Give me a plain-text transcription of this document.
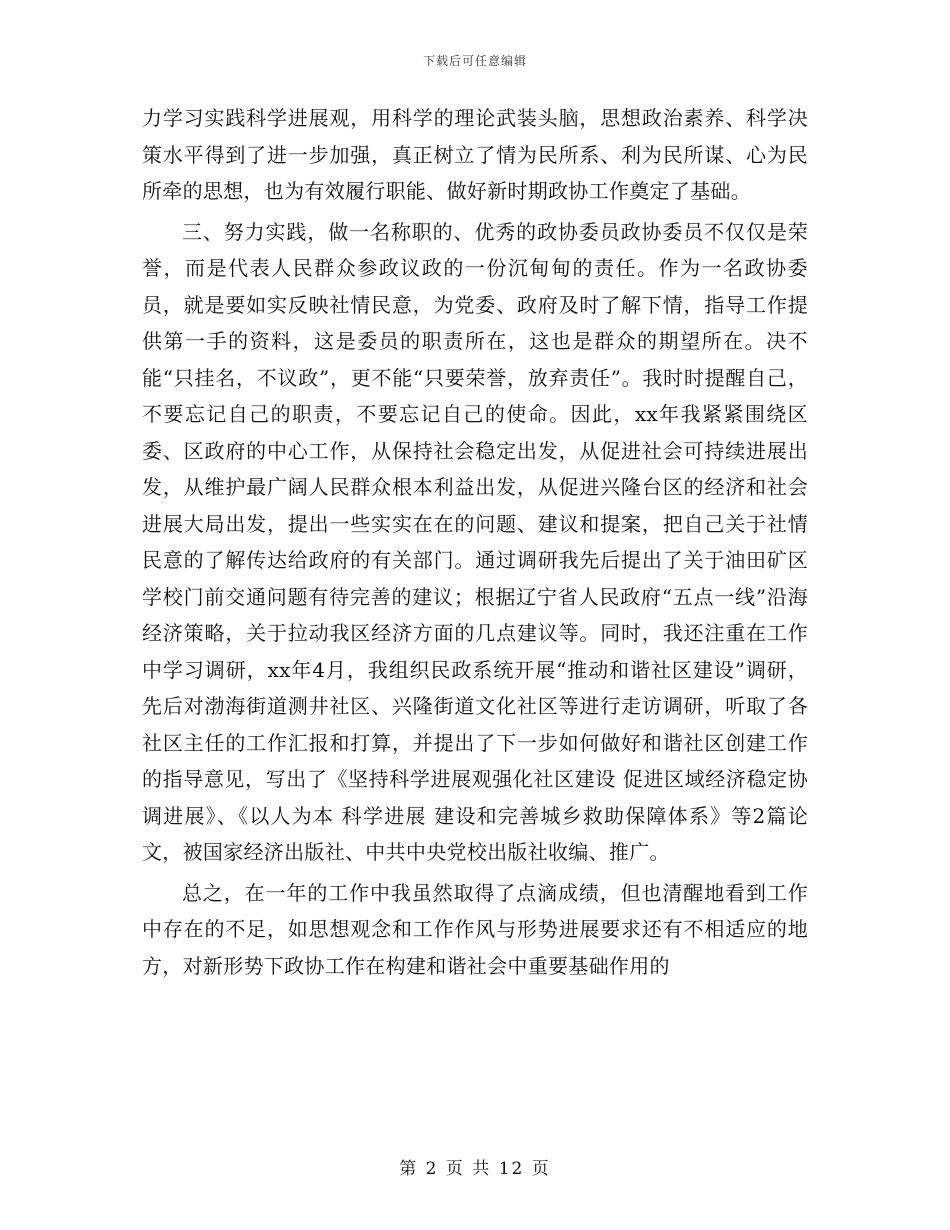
下载后可任意编辑

力学习实践科学进展观，用科学的理论武装头脑，思想政治素养、科学决策水平得到了进一步加强，真正树立了情为民所系、利为民所谋、心为民所牵的思想，也为有效履行职能、做好新时期政协工作奠定了基础。

三、努力实践，做一名称职的、优秀的政协委员政协委员不仅仅是荣誉，而是代表人民群众参政议政的一份沉甸甸的责任。作为一名政协委员，就是要如实反映社情民意，为党委、政府及时了解下情，指导工作提供第一手的资料，这是委员的职责所在，这也是群众的期望所在。决不能“只挂名，不议政”，更不能“只要荣誉，放弃责任”。我时时提醒自己，不要忘记自己的职责，不要忘记自己的使命。因此，xx年我紧紧围绕区委、区政府的中心工作，从保持社会稳定出发，从促进社会可持续进展出发，从维护最广阔人民群众根本利益出发，从促进兴隆台区的经济和社会进展大局出发，提出一些实实在在的问题、建议和提案，把自己关于社情民意的了解传达给政府的有关部门。通过调研我先后提出了关于油田矿区学校门前交通问题有待完善的建议；根据辽宁省人民政府“五点一线”沿海经济策略，关于拉动我区经济方面的几点建议等。同时，我还注重在工作中学习调研，xx年4月，我组织民政系统开展“推动和谐社区建设”调研，先后对渤海街道测井社区、兴隆街道文化社区等进行走访调研，听取了各社区主任的工作汇报和打算，并提出了下一步如何做好和谐社区创建工作的指导意见，写出了《坚持科学进展观强化社区建设 促进区域经济稳定协调进展》、《以人为本 科学进展 建设和完善城乡救助保障体系》等2篇论文，被国家经济出版社、中共中央党校出版社收编、推广。

总之，在一年的工作中我虽然取得了点滴成绩，但也清醒地看到工作中存在的不足，如思想观念和工作作风与形势进展要求还有不相适应的地方，对新形势下政协工作在构建和谐社会中重要基础作用的

第 2 页 共 12 页
